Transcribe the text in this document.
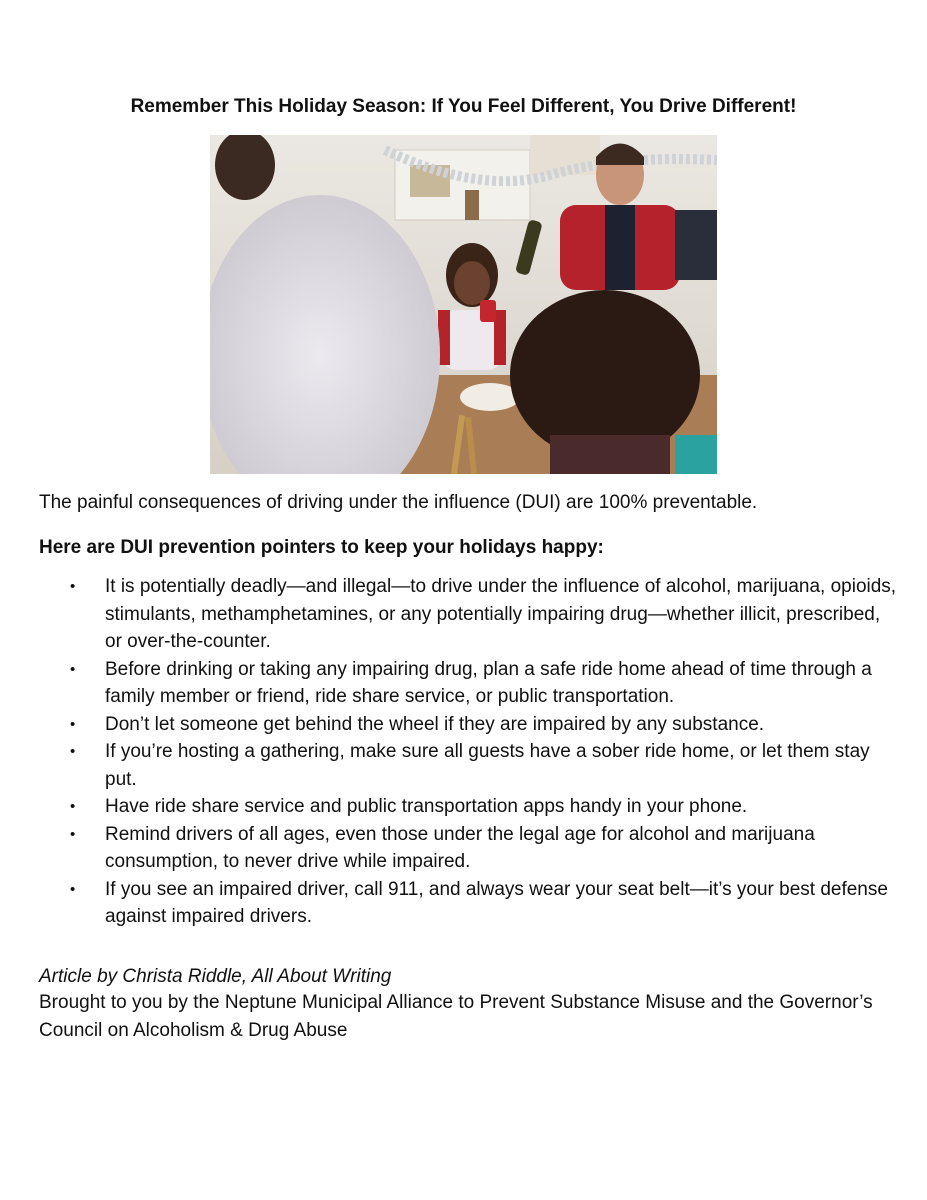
Remember This Holiday Season: If You Feel Different, You Drive Different!
The painful consequences of driving under the influence (DUI) are 100% preventable.
Here are DUI prevention pointers to keep your holidays happy:
• It is potentially deadly—and illegal—to drive under the influence of alcohol, marijuana, opioids, stimulants, methamphetamines, or any potentially impairing drug—whether illicit, prescribed, or over-the-counter.
• Before drinking or taking any impairing drug, plan a safe ride home ahead of time through a family member or friend, ride share service, or public transportation.
• Don’t let someone get behind the wheel if they are impaired by any substance.
• If you’re hosting a gathering, make sure all guests have a sober ride home, or let them stay put.
• Have ride share service and public transportation apps handy in your phone.
• Remind drivers of all ages, even those under the legal age for alcohol and marijuana consumption, to never drive while impaired.
• If you see an impaired driver, call 911, and always wear your seat belt—it’s your best defense against impaired drivers.
Article by Christa Riddle, All About Writing
Brought to you by the Neptune Municipal Alliance to Prevent Substance Misuse and the Governor’s Council on Alcoholism & Drug Abuse
